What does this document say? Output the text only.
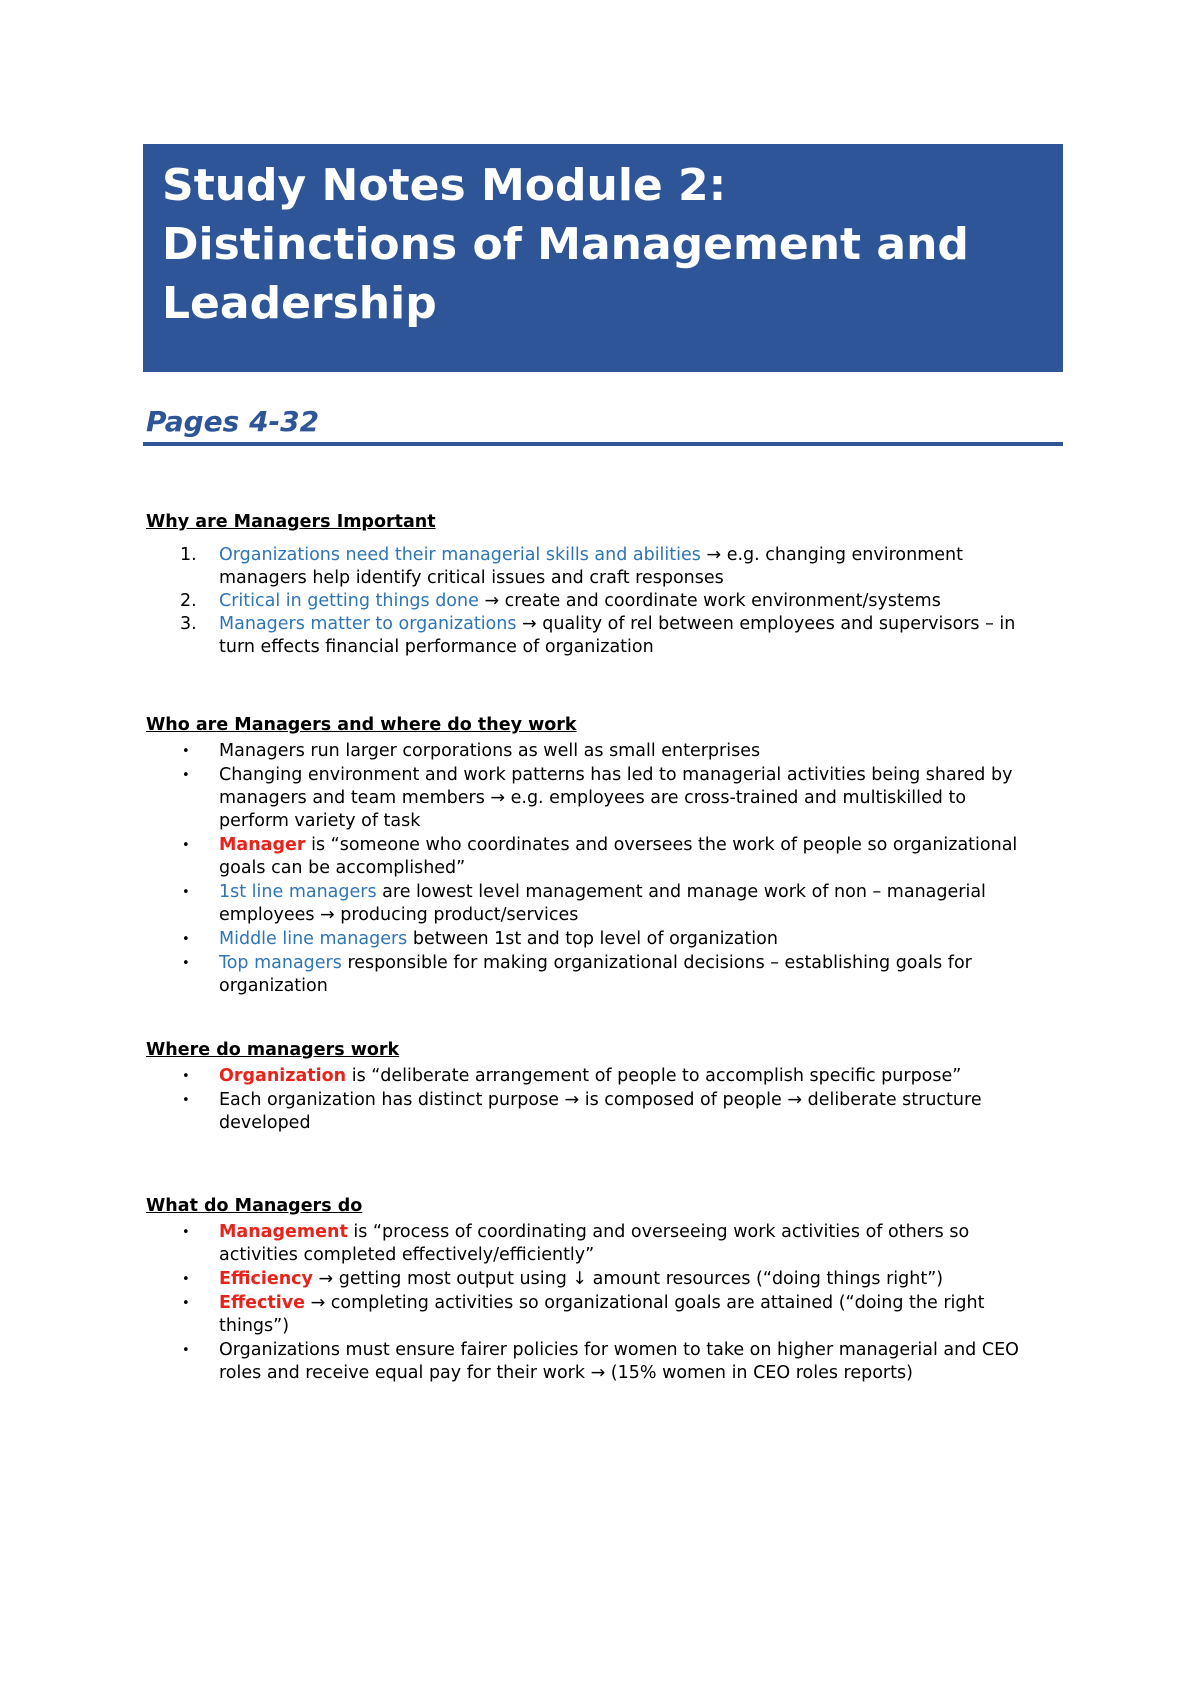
Study Notes Module 2:
Distinctions of Management and
Leadership
Pages 4-32

Why are Managers Important

1. Organizations need their managerial skills and abilities → e.g. changing environment
managers help identify critical issues and craft responses
2. Critical in getting things done → create and coordinate work environment/systems
3. Managers matter to organizations → quality of rel between employees and supervisors – in
turn effects financial performance of organization

Who are Managers and where do they work

• Managers run larger corporations as well as small enterprises
• Changing environment and work patterns has led to managerial activities being shared by
managers and team members → e.g. employees are cross-trained and multiskilled to
perform variety of task
• Manager is “someone who coordinates and oversees the work of people so organizational
goals can be accomplished”
• 1st line managers are lowest level management and manage work of non – managerial
employees → producing product/services
• Middle line managers between 1st and top level of organization
• Top managers responsible for making organizational decisions – establishing goals for
organization

Where do managers work

• Organization is “deliberate arrangement of people to accomplish specific purpose”
• Each organization has distinct purpose → is composed of people → deliberate structure
developed

What do Managers do

• Management is “process of coordinating and overseeing work activities of others so
activities completed effectively/efficiently”
• Efficiency → getting most output using ↓ amount resources (“doing things right”)
• Effective → completing activities so organizational goals are attained (“doing the right
things”)
• Organizations must ensure fairer policies for women to take on higher managerial and CEO
roles and receive equal pay for their work → (15% women in CEO roles reports)
